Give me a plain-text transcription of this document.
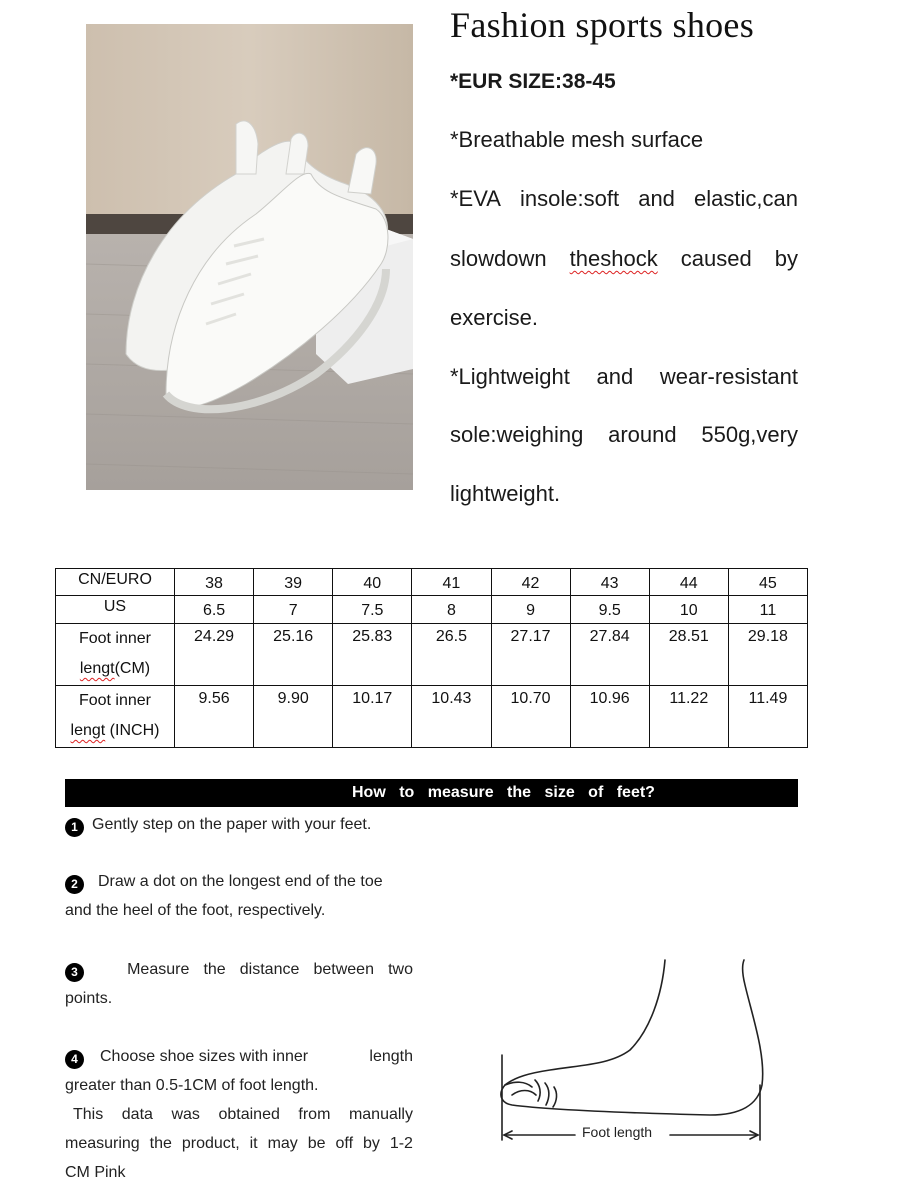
Fashion sports shoes
*EUR SIZE:38-45
*Breathable mesh surface
*EVA insole:soft and elastic,can
slowdown theshock caused by
exercise.
*Lightweight and wear-resistant
sole:weighing around 550g,very
lightweight.
CN/EURO	38	39	40	41	42	43	44	45
US	6.5	7	7.5	8	9	9.5	10	11
Foot inner
lengt(CM)	24.29	25.16	25.83	26.5	27.17	27.84	28.51	29.18
Foot inner
lengt (INCH)	9.56	9.90	10.17	10.43	10.70	10.96	11.22	11.49
How to measure the size of feet?
1 Gently step on the paper with your feet.
2 Draw a dot on the longest end of the toe
and the heel of the foot, respectively.
3	Measure the distance between two
points.
4 Choose shoe sizes with inner	length
greater than 0.5-1CM of foot length.
This data was obtained from manually
measuring the product, it may be off by 1-2
CM Pink
Foot length
